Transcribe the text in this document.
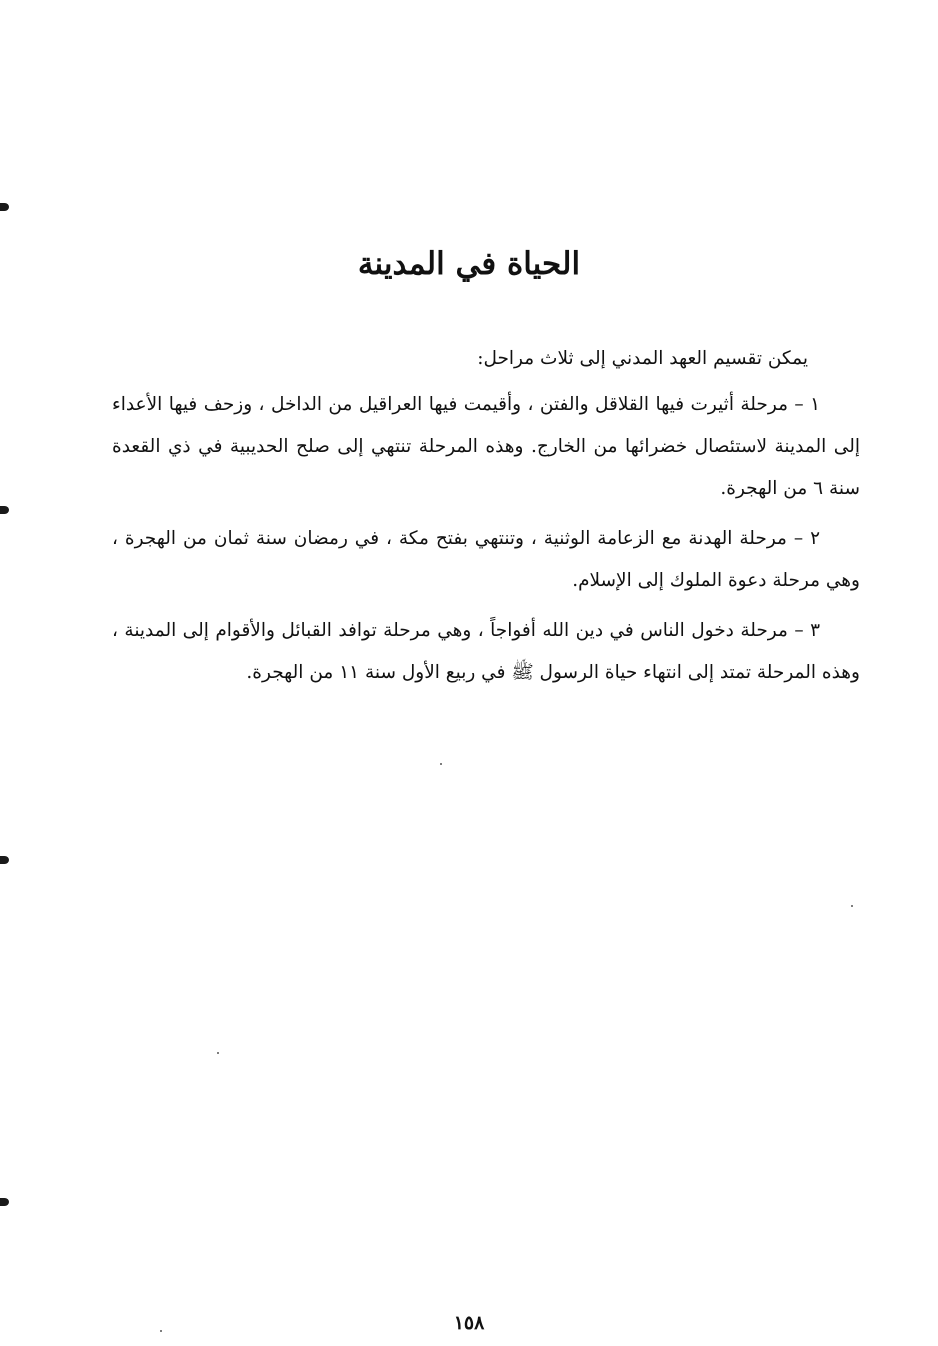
الحياة في المدينة

يمكن تقسيم العهد المدني إلى ثلاث مراحل:

١ – مرحلة أثيرت فيها القلاقل والفتن ، وأقيمت فيها العراقيل من الداخل ، وزحف فيها الأعداء إلى المدينة لاستئصال خضرائها من الخارج. وهذه المرحلة تنتهي إلى صلح الحديبية في ذي القعدة سنة ٦ من الهجرة.

٢ – مرحلة الهدنة مع الزعامة الوثنية ، وتنتهي بفتح مكة ، في رمضان سنة ثمان من الهجرة ، وهي مرحلة دعوة الملوك إلى الإسلام.

٣ – مرحلة دخول الناس في دين الله أفواجاً ، وهي مرحلة توافد القبائل والأقوام إلى المدينة ، وهذه المرحلة تمتد إلى انتهاء حياة الرسول ﷺ في ربيع الأول سنة ١١ من الهجرة.

١٥٨
